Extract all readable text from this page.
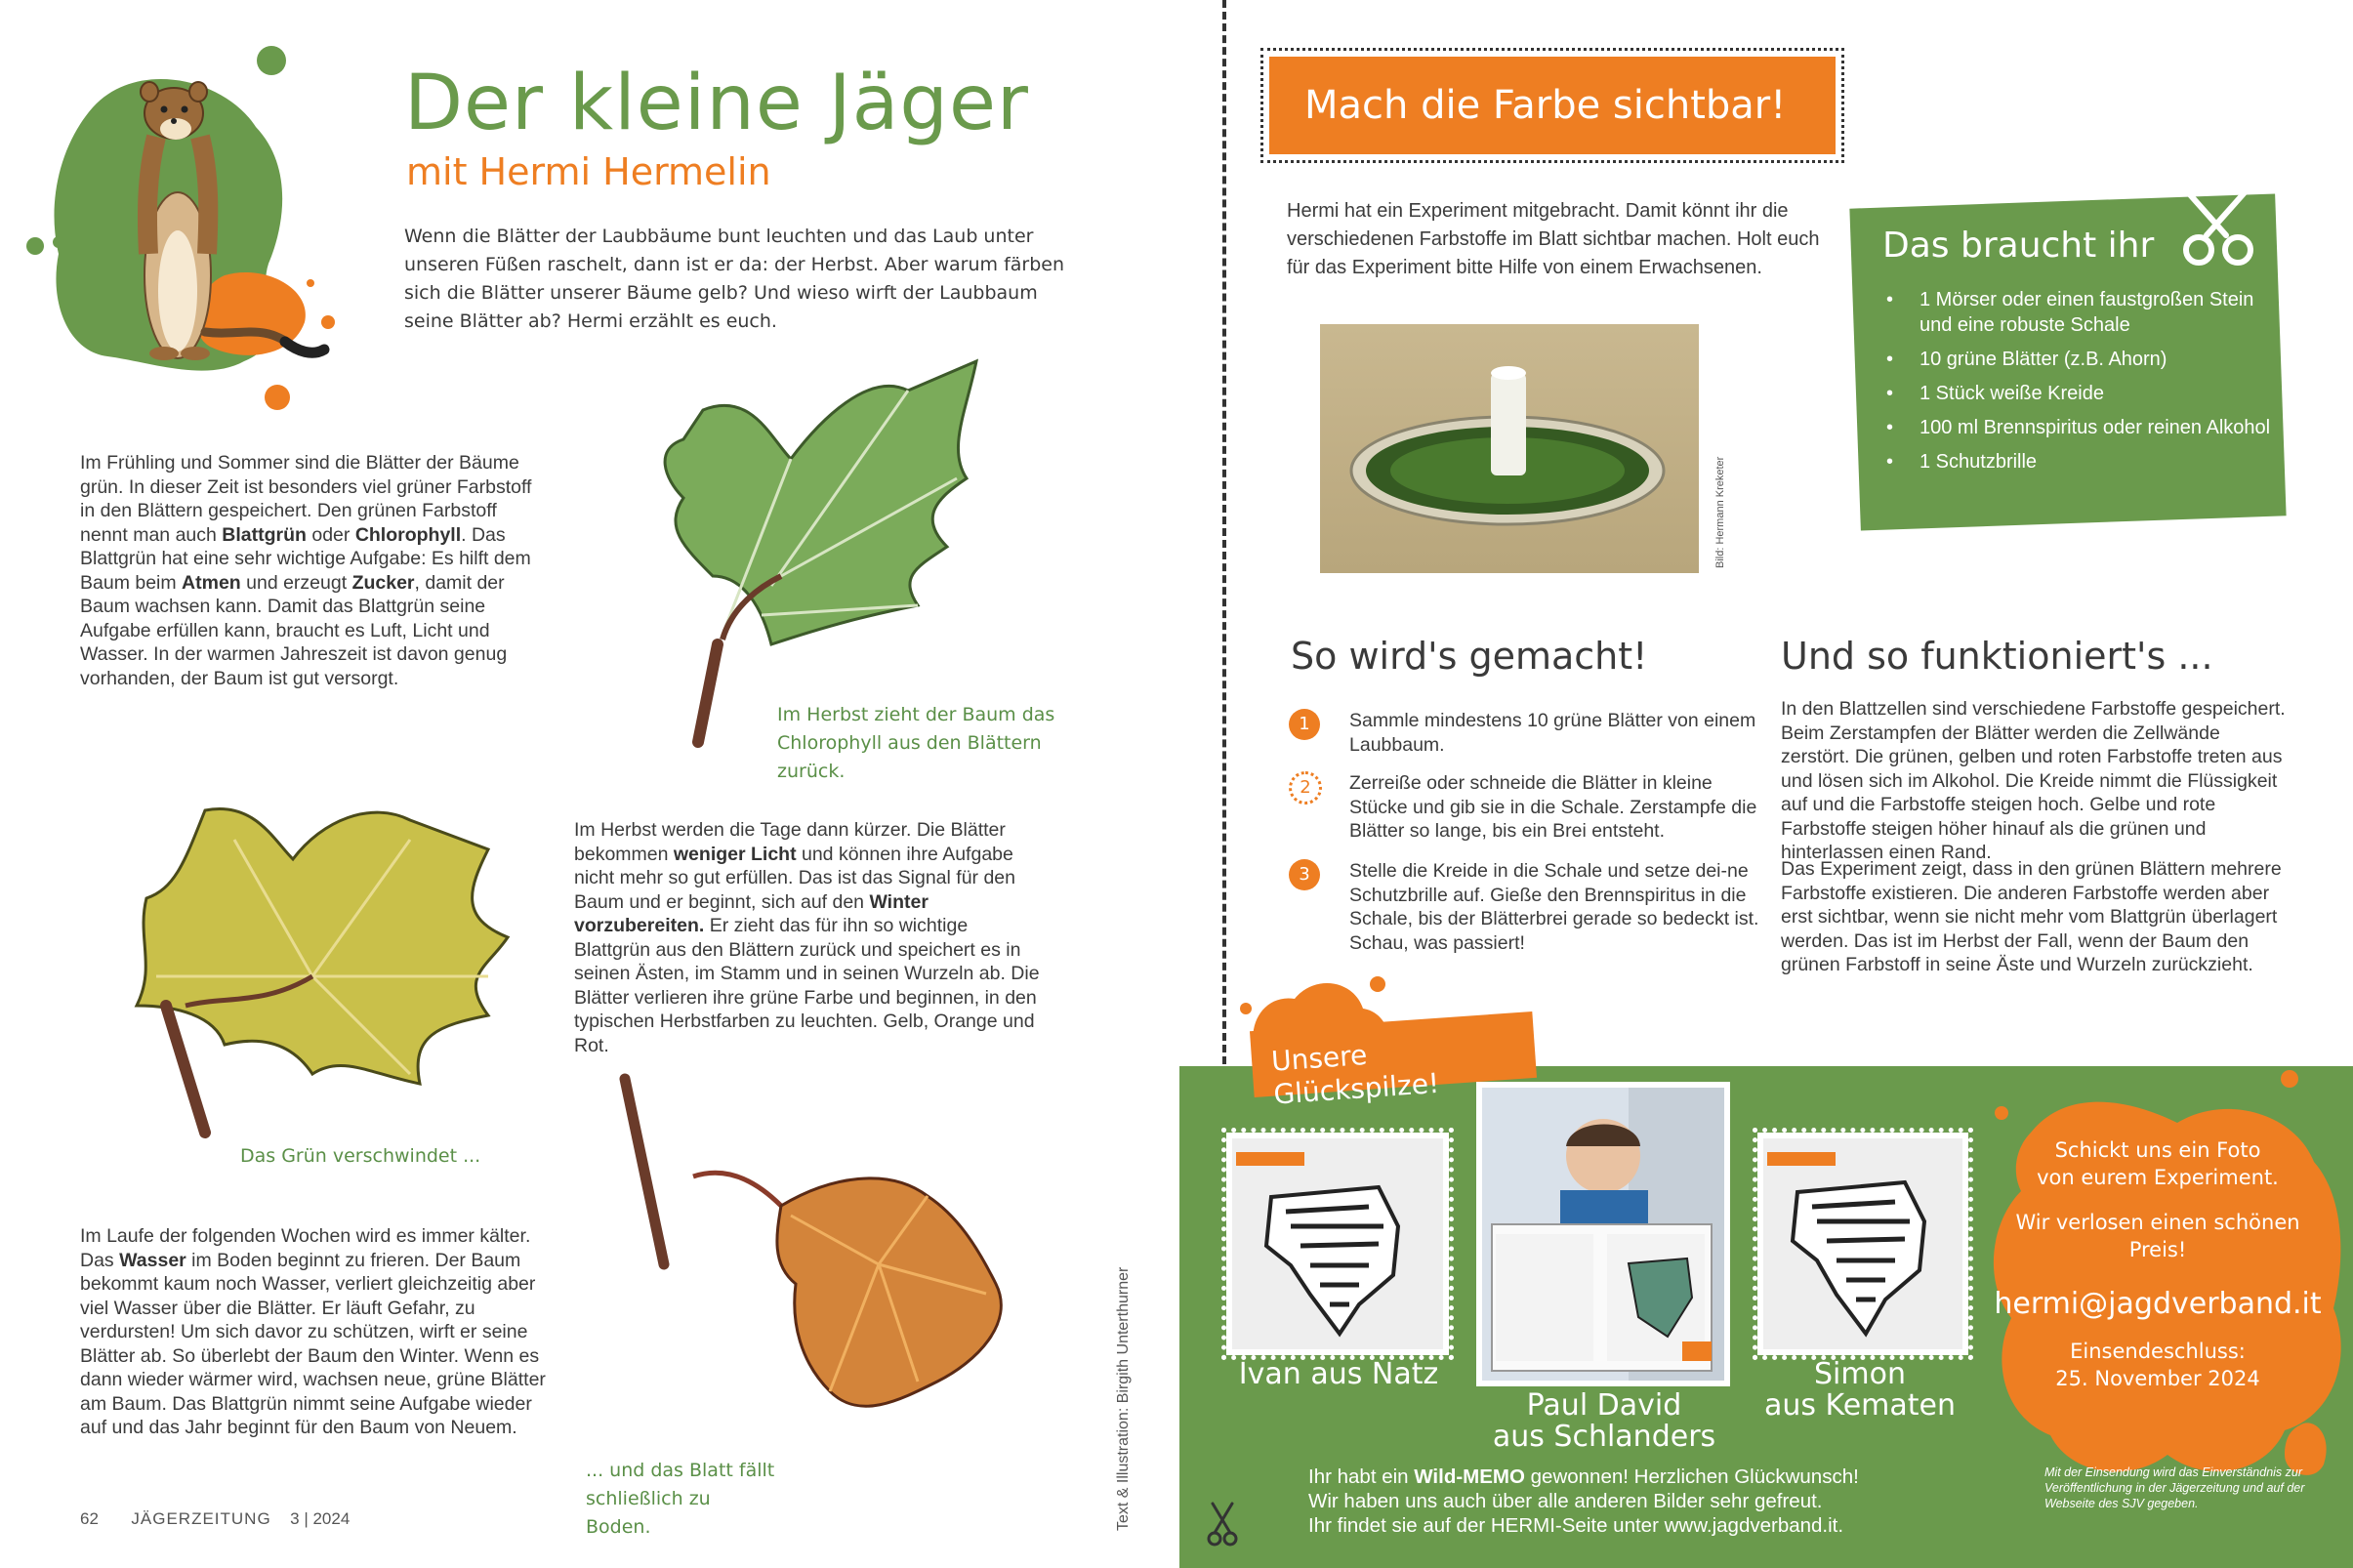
Der kleine Jäger
mit Hermi Hermelin
Wenn die Blätter der Laubbäume bunt leuchten und das Laub unter unseren Füßen raschelt, dann ist er da: der Herbst. Aber warum färben sich die Blätter unserer Bäume gelb? Und wieso wirft der Laubbaum seine Blätter ab? Hermi erzählt es euch.
Im Frühling und Sommer sind die Blätter der Bäume grün. In dieser Zeit ist besonders viel grüner Farbstoff in den Blättern gespeichert. Den grünen Farbstoff nennt man auch Blattgrün oder Chlorophyll. Das Blattgrün hat eine sehr wichtige Aufgabe: Es hilft dem Baum beim Atmen und erzeugt Zucker, damit der Baum wachsen kann. Damit das Blattgrün seine Aufgabe erfüllen kann, braucht es Luft, Licht und Wasser. In der warmen Jahreszeit ist davon genug vorhanden, der Baum ist gut versorgt.
Im Herbst zieht der Baum das Chlorophyll aus den Blättern zurück.
Das Grün verschwindet ...
Im Herbst werden die Tage dann kürzer. Die Blätter bekommen weniger Licht und können ihre Aufgabe nicht mehr so gut erfüllen. Das ist das Signal für den Baum und er beginnt, sich auf den Winter vorzubereiten. Er zieht das für ihn so wichtige Blattgrün aus den Blättern zurück und speichert es in seinen Ästen, im Stamm und in seinen Wurzeln ab. Die Blätter verlieren ihre grüne Farbe und beginnen, in den typischen Herbstfarben zu leuchten. Gelb, Orange und Rot.
Im Laufe der folgenden Wochen wird es immer kälter. Das Wasser im Boden beginnt zu frieren. Der Baum bekommt kaum noch Wasser, verliert gleichzeitig aber viel Wasser über die Blätter. Er läuft Gefahr, zu verdursten! Um sich davor zu schützen, wirft er seine Blätter ab. So überlebt der Baum den Winter. Wenn es dann wieder wärmer wird, wachsen neue, grüne Blätter am Baum. Das Blattgrün nimmt seine Aufgabe wieder auf und das Jahr beginnt für den Baum von Neuem.
... und das Blatt fällt schließlich zu Boden.	Text & Illustration: Birgith Unterthurner
62 JÄGERZEITUNG 3 | 2024
Mach die Farbe sichtbar!
Hermi hat ein Experiment mitgebracht. Damit könnt ihr die verschiedenen Farbstoffe im Blatt sichtbar machen. Holt euch für das Experiment bitte Hilfe von einem Erwachsenen.
Bild: Hermann Kreketer
Das braucht ihr
• 1 Mörser oder einen faustgroßen Stein und eine robuste Schale
• 10 grüne Blätter (z.B. Ahorn)
• 1 Stück weiße Kreide
• 100 ml Brennspiritus oder reinen Alkohol
• 1 Schutzbrille
So wird's gemacht!
1	Sammle mindestens 10 grüne Blätter von einem Laubbaum.
2	Zerreiße oder schneide die Blätter in kleine Stücke und gib sie in die Schale. Zerstampfe die Blätter so lange, bis ein Brei entsteht.
3	Stelle die Kreide in die Schale und setze dei-ne Schutzbrille auf. Gieße den Brennspiritus in die Schale, bis der Blätterbrei gerade so bedeckt ist. Schau, was passiert!
Und so funktioniert's ...
In den Blattzellen sind verschiedene Farbstoffe gespeichert. Beim Zerstampfen der Blätter werden die Zellwände zerstört. Die grünen, gelben und roten Farbstoffe treten aus und lösen sich im Alkohol. Die Kreide nimmt die Flüssigkeit auf und die Farbstoffe steigen hoch. Gelbe und rote Farbstoffe steigen höher hinauf als die grünen und hinterlassen einen Rand.
Das Experiment zeigt, dass in den grünen Blättern mehrere Farbstoffe existieren. Die anderen Farbstoffe werden aber erst sichtbar, wenn sie nicht mehr vom Blattgrün überlagert werden. Das ist im Herbst der Fall, wenn der Baum den grünen Farbstoff in seine Äste und Wurzeln zurückzieht.
Unsere Glückspilze!
Ivan aus Natz
Paul David
aus Schlanders
Simon
aus Kematen
Ihr habt ein Wild-MEMO gewonnen! Herzlichen Glückwunsch!
Wir haben uns auch über alle anderen Bilder sehr gefreut.
Ihr findet sie auf der HERMI-Seite unter www.jagdverband.it.
Schickt uns ein Foto
von eurem Experiment.
Wir verlosen einen schönen Preis!
hermi@jagdverband.it
Einsendeschluss:
25. November 2024
Mit der Einsendung wird das Einverständnis zur Veröffentlichung in der Jägerzeitung und auf der Webseite des SJV gegeben.
